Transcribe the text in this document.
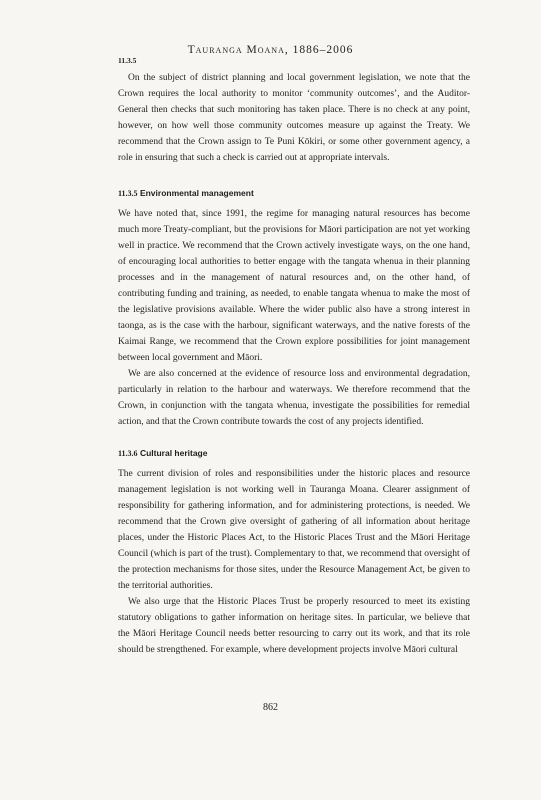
Tauranga Moana, 1886–2006
11.3.5

On the subject of district planning and local government legislation, we note that the Crown requires the local authority to monitor ‘community outcomes’, and the Auditor-General then checks that such monitoring has taken place. There is no check at any point, however, on how well those community outcomes measure up against the Treaty. We recommend that the Crown assign to Te Puni Kōkiri, or some other government agency, a role in ensuring that such a check is carried out at appropriate intervals.

11.3.5 Environmental management

We have noted that, since 1991, the regime for managing natural resources has become much more Treaty-compliant, but the provisions for Māori participation are not yet working well in practice. We recommend that the Crown actively investigate ways, on the one hand, of encouraging local authorities to better engage with the tangata whenua in their planning processes and in the management of natural resources and, on the other hand, of contributing funding and training, as needed, to enable tangata whenua to make the most of the legislative provisions available. Where the wider public also have a strong interest in taonga, as is the case with the harbour, significant waterways, and the native forests of the Kaimai Range, we recommend that the Crown explore possibilities for joint management between local government and Māori.

We are also concerned at the evidence of resource loss and environmental degradation, particularly in relation to the harbour and waterways. We therefore recommend that the Crown, in conjunction with the tangata whenua, investigate the possibilities for remedial action, and that the Crown contribute towards the cost of any projects identified.

11.3.6 Cultural heritage

The current division of roles and responsibilities under the historic places and resource management legislation is not working well in Tauranga Moana. Clearer assignment of responsibility for gathering information, and for administering protections, is needed. We recommend that the Crown give oversight of gathering of all information about heritage places, under the Historic Places Act, to the Historic Places Trust and the Māori Heritage Council (which is part of the trust). Complementary to that, we recommend that oversight of the protection mechanisms for those sites, under the Resource Management Act, be given to the territorial authorities.

We also urge that the Historic Places Trust be properly resourced to meet its existing statutory obligations to gather information on heritage sites. In particular, we believe that the Māori Heritage Council needs better resourcing to carry out its work, and that its role should be strengthened. For example, where development projects involve Māori cultural

862
